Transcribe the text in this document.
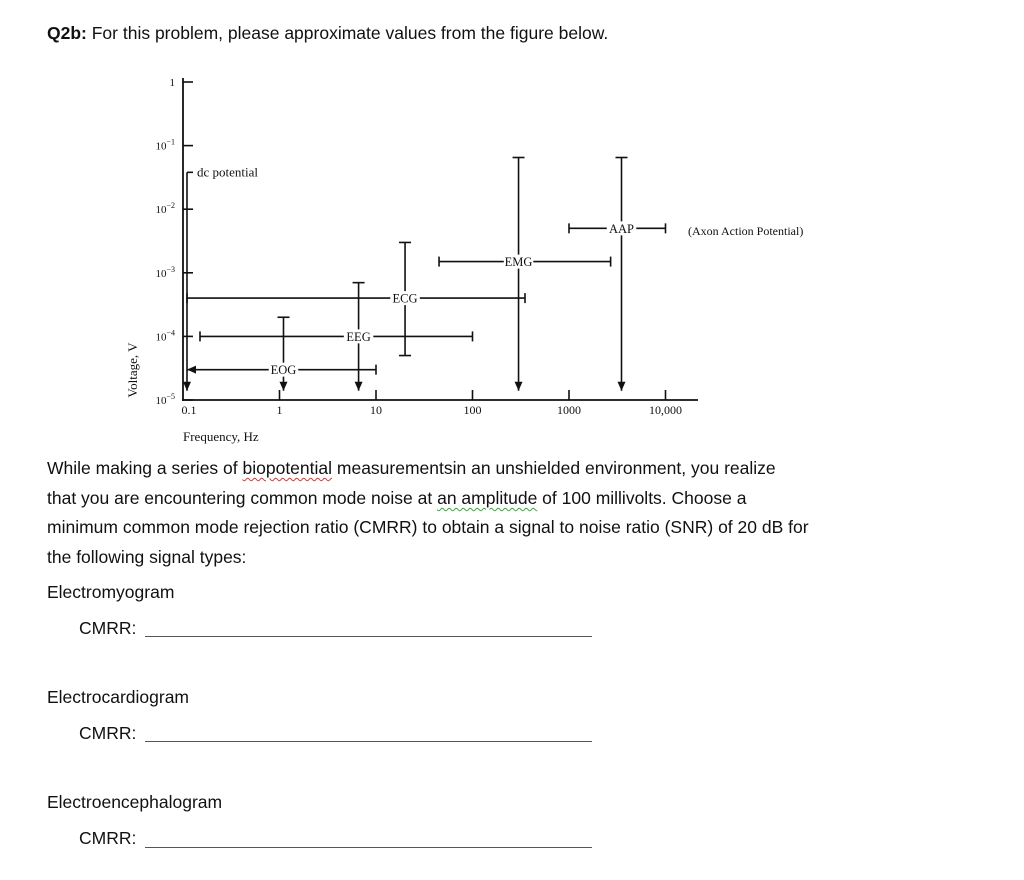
Q2b: For this problem, please approximate values from the figure below.
1
$10^{-1}$
$10^{-2}$
$10^{-3}$
$10^{-4}$
$10^{-5}$
0.1	1	10	100	1000	10,000
Frequency, Hz
Voltage, V
dc potential
ECG
EEG
EOG
EMG
AAP	(Axon Action Potential)
While making a series of biopotential measurementsin an unshielded environment, you realize
that you are encountering common mode noise at an amplitude of 100 millivolts. Choose a
minimum common mode rejection ratio (CMRR) to obtain a signal to noise ratio (SNR) of 20 dB for
the following signal types:
Electromyogram
CMRR:
Electrocardiogram
CMRR:
Electroencephalogram
CMRR:
